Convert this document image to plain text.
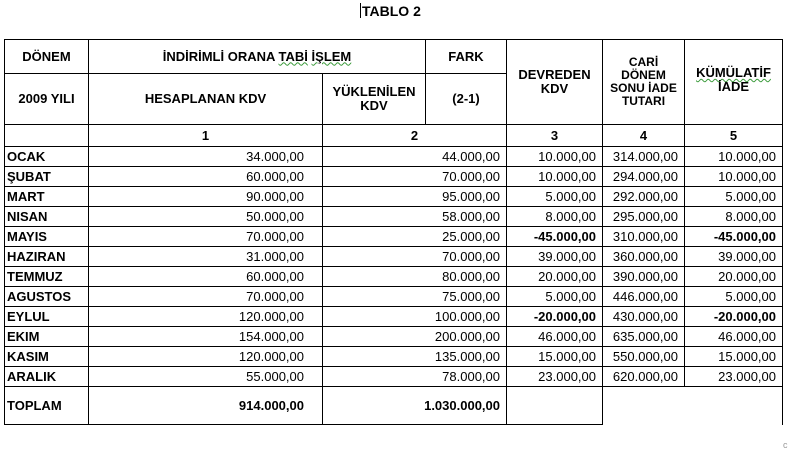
TABLO 2
DÖNEM	İNDİRİMLİ ORANA TABİ İŞLEM		FARK	DEVREDEN KDV	CARİ DÖNEM SONU İADE TUTARI	KÜMÜLATİF
İADE	

2009 YILI	HESAPLANAN KDV	YÜKLENİLEN KDV	(2-1)				
	1	2		3	4	5	
OCAK	34.000,00	44.000,00		10.000,00	314.000,00	10.000,00	
ŞUBAT	60.000,00	70.000,00		10.000,00	294.000,00	10.000,00	
MART	90.000,00	95.000,00		5.000,00	292.000,00	5.000,00	
NISAN	50.000,00	58.000,00		8.000,00	295.000,00	8.000,00	
MAYIS	70.000,00	25.000,00		-45.000,00	310.000,00	-45.000,00	
HAZIRAN	31.000,00	70.000,00		39.000,00	360.000,00	39.000,00	
TEMMUZ	60.000,00	80.000,00		20.000,00	390.000,00	20.000,00	
AGUSTOS	70.000,00	75.000,00		5.000,00	446.000,00	5.000,00	
EYLUL	120.000,00	100.000,00		-20.000,00	430.000,00	-20.000,00	
EKIM	154.000,00	200.000,00		46.000,00	635.000,00	46.000,00	
KASIM	120.000,00	135.000,00		15.000,00	550.000,00	15.000,00	
ARALIK	55.000,00	78.000,00		23.000,00	620.000,00	23.000,00	
TOPLAM	914.000,00	1.030.000,00				
c
